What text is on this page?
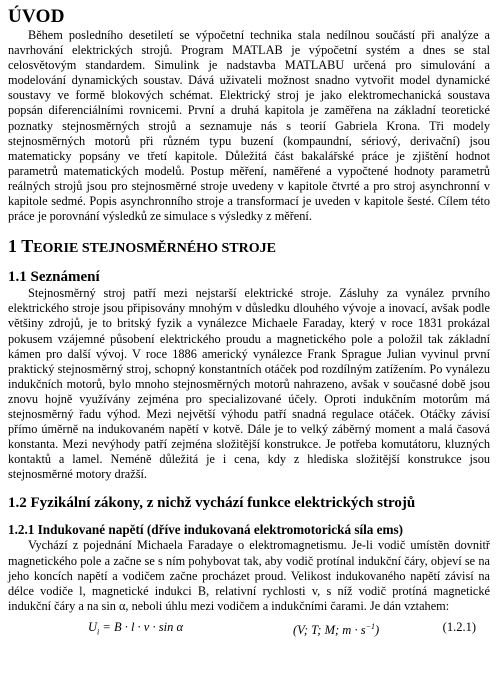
ÚVOD

Během posledního desetiletí se výpočetní technika stala nedílnou součástí při analýze a navrhování elektrických strojů. Program MATLAB je výpočetní systém a dnes se stal celosvětovým standardem. Simulink je nadstavba MATLABU určená pro simulování a modelování dynamických soustav. Dává uživateli možnost snadno vytvořit model dynamické soustavy ve formě blokových schémat. Elektrický stroj je jako elektromechanická soustava popsán diferenciálními rovnicemi. První a druhá kapitola je zaměřena na základní teoretické poznatky stejnosměrných strojů a seznamuje nás s teorií Gabriela Krona. Tři modely stejnosměrných motorů při různém typu buzení (kompaundní, sériový, derivační) jsou matematicky popsány ve třetí kapitole. Důležitá část bakalářské práce je zjištění hodnot parametrů matematických modelů. Postup měření, naměřené a vypočtené hodnoty parametrů reálných strojů jsou pro stejnosměrné stroje uvedeny v kapitole čtvrté a pro stroj asynchronní v kapitole sedmé. Popis asynchronního stroje a transformací je uveden v kapitole šesté. Cílem této práce je porovnání výsledků ze simulace s výsledky z měření.

1 TEORIE STEJNOSMĚRNÉHO STROJE
1.1 Seznámení

Stejnosměrný stroj patří mezi nejstarší elektrické stroje. Zásluhy za vynález prvního elektrického stroje jsou připisovány mnohým v důsledku dlouhého vývoje a inovací, avšak podle většiny zdrojů, je to britský fyzik a vynálezce Michaele Faraday, který v roce 1831 prokázal pokusem vzájemné působení elektrického proudu a magnetického pole a položil tak základní kámen pro další vývoj. V roce 1886 americký vynálezce Frank Sprague Julian vyvinul první praktický stejnosměrný stroj, schopný konstantních otáček pod rozdílným zatížením. Po vynálezu indukčních motorů, bylo mnoho stejnosměrných motorů nahrazeno, avšak v současné době jsou znovu hojně využívány zejména pro specializované účely. Oproti indukčním motorům má stejnosměrný řadu výhod. Mezi největší výhodu patří snadná regulace otáček. Otáčky závisí přímo úměrně na indukovaném napětí v kotvě. Dále je to velký záběrný moment a malá časová konstanta. Mezi nevýhody patří zejména složitější konstrukce. Je potřeba komutátoru, kluzných kontaktů a lamel. Neméně důležitá je i cena, kdy z hlediska složitější konstrukce jsou stejnosměrné motory dražší.

1.2 Fyzikální zákony, z nichž vychází funkce elektrických strojů
1.2.1 Indukované napětí (dříve indukovaná elektromotorická síla ems)

Vychází z pojednání Michaela Faradaye o elektromagnetismu. Je-li vodič umístěn dovnitř magnetického pole a začne se s ním pohybovat tak, aby vodič protínal indukční čáry, objeví se na jeho koncích napětí a vodičem začne procházet proud. Velikost indukovaného napětí závisí na délce vodiče l, magnetické indukci B, relativní rychlosti v, s níž vodič protíná magnetické indukční čáry a na sin α, neboli úhlu mezi vodičem a indukčními čarami. Je dán vztahem:

$U_i = B \cdot l \cdot v \cdot \sin \alpha$	(V; T; M; $m \cdot s^{-1}$)	(1.2.1)
